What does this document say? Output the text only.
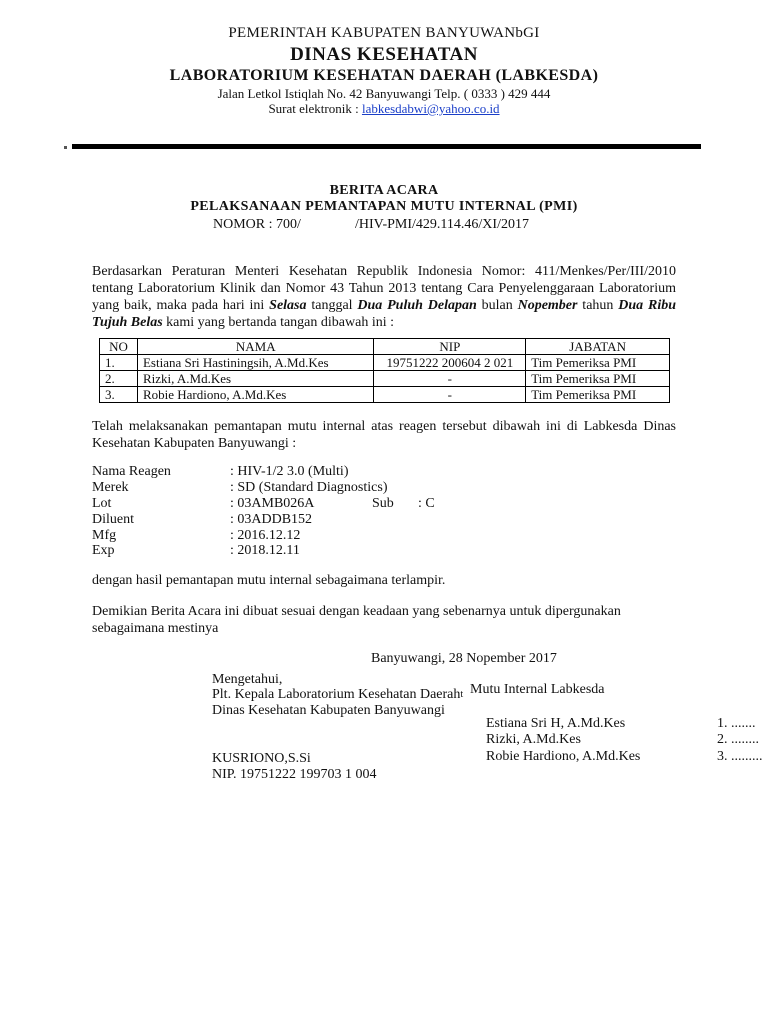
PEMERINTAH KABUPATEN BANYUWANbGI
DINAS KESEHATAN
LABORATORIUM KESEHATAN DAERAH (LABKESDA)
Jalan Letkol Istiqlah No. 42 Banyuwangi Telp. ( 0333 ) 429 444
Surat elektronik : labkesdabwi@yahoo.co.id
BERITA ACARA
PELAKSANAAN PEMANTAPAN MUTU INTERNAL (PMI)
NOMOR : 700/	/HIV-PMI/429.114.46/XI/2017
Berdasarkan Peraturan Menteri Kesehatan Republik Indonesia Nomor: 411/Menkes/Per/III/2010 tentang Laboratorium Klinik dan Nomor 43 Tahun 2013 tentang Cara Penyelenggaraan Laboratorium yang baik, maka pada hari ini Selasa tanggal Dua Puluh Delapan bulan Nopember tahun Dua Ribu Tujuh Belas kami yang bertanda tangan dibawah ini :
NO	NAMA	NIP	JABATAN
1.	Estiana Sri Hastiningsih, A.Md.Kes	19751222 200604 2 021	Tim Pemeriksa PMI
2.	Rizki, A.Md.Kes	-	Tim Pemeriksa PMI
3.	Robie Hardiono, A.Md.Kes	-	Tim Pemeriksa PMI
Telah melaksanakan pemantapan mutu internal atas reagen tersebut dibawah ini di Labkesda Dinas Kesehatan Kabupaten Banyuwangi :
Nama Reagen	: HIV-1/2 3.0 (Multi)
Merek	: SD (Standard Diagnostics)
Lot	: 03AMB026A	Sub : C
Diluent	: 03ADDB152
Mfg	: 2016.12.12
Exp	: 2018.12.11
dengan hasil pemantapan mutu internal sebagaimana terlampir.
Demikian Berita Acara ini dibuat sesuai dengan keadaan yang sebenarnya untuk dipergunakan sebagaimana mestinya
Banyuwangi, 28 Nopember 2017
Mengetahui,
Plt. Kepala Laboratorium Kesehatan Daerah$^t$ Mutu Internal Labkesda
Dinas Kesehatan Kabupaten Banyuwangi
Estiana Sri H, A.Md.Kes	1. .......
Rizki, A.Md.Kes	2. ........
Robie Hardiono, A.Md.Kes	3. .........
KUSRIONO,S.Si
NIP. 19751222 199703 1 004
